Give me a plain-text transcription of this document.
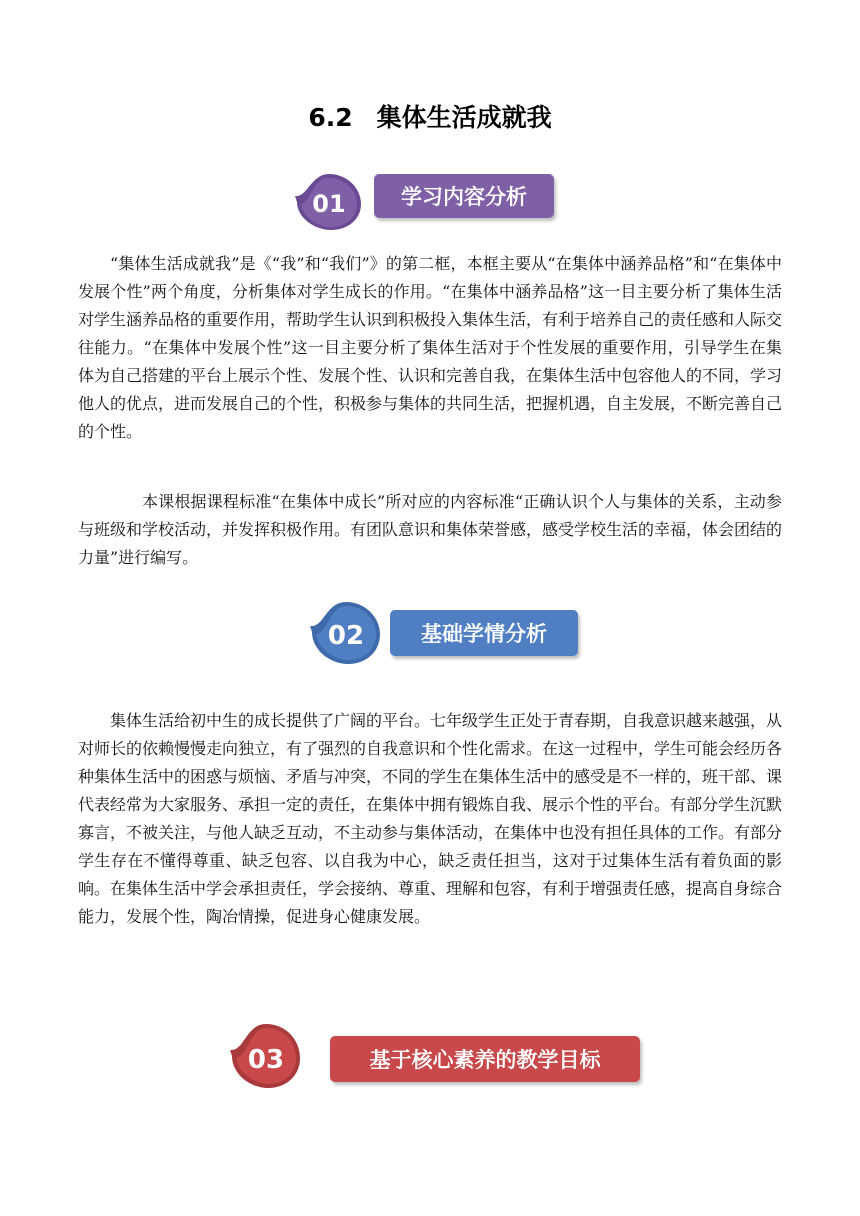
6.2 集体生活成就我
01	学习内容分析

“集体生活成就我”是《“我”和“我们”》的第二框，本框主要从“在集体中涵养品格”和“在集体中发展个性”两个角度，分析集体对学生成长的作用。“在集体中涵养品格”这一目主要分析了集体生活对学生涵养品格的重要作用，帮助学生认识到积极投入集体生活，有利于培养自己的责任感和人际交往能力。“在集体中发展个性”这一目主要分析了集体生活对于个性发展的重要作用，引导学生在集体为自己搭建的平台上展示个性、发展个性、认识和完善自我，在集体生活中包容他人的不同，学习他人的优点，进而发展自己的个性，积极参与集体的共同生活，把握机遇，自主发展，不断完善自己的个性。

本课根据课程标准“在集体中成长”所对应的内容标准“正确认识个人与集体的关系，主动参与班级和学校活动，并发挥积极作用。有团队意识和集体荣誉感，感受学校生活的幸福，体会团结的力量”进行编写。

02	基础学情分析

集体生活给初中生的成长提供了广阔的平台。七年级学生正处于青春期，自我意识越来越强，从对师长的依赖慢慢走向独立，有了强烈的自我意识和个性化需求。在这一过程中，学生可能会经历各种集体生活中的困惑与烦恼、矛盾与冲突，不同的学生在集体生活中的感受是不一样的，班干部、课代表经常为大家服务、承担一定的责任，在集体中拥有锻炼自我、展示个性的平台。有部分学生沉默寡言，不被关注，与他人缺乏互动，不主动参与集体活动，在集体中也没有担任具体的工作。有部分学生存在不懂得尊重、缺乏包容、以自我为中心，缺乏责任担当，这对于过集体生活有着负面的影响。在集体生活中学会承担责任，学会接纳、尊重、理解和包容，有利于增强责任感，提高自身综合能力，发展个性，陶冶情操，促进身心健康发展。

03	基于核心素养的教学目标
